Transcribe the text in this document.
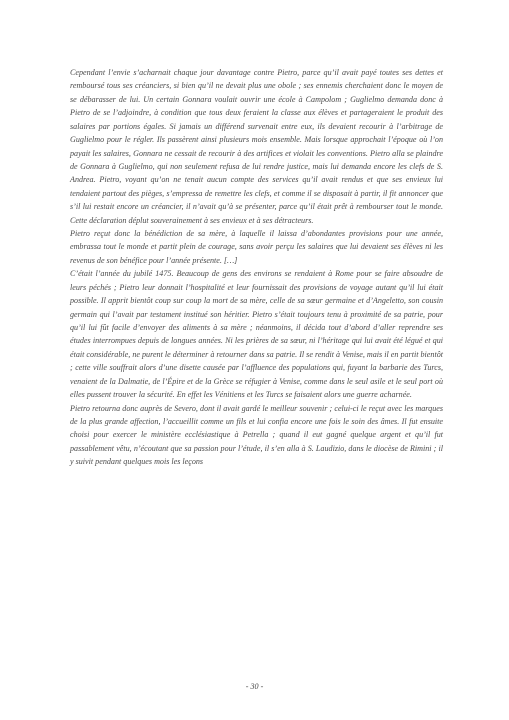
Cependant l’envie s’acharnait chaque jour davantage contre Pietro, parce qu’il avait payé toutes ses dettes et remboursé tous ses créanciers, si bien qu’il ne devait plus une obole ; ses ennemis cherchaient donc le moyen de se débarasser de lui. Un certain Gonnara voulait ouvrir une école à Campolom ; Guglielmo demanda donc à Pietro de se l’adjoindre, à condition que tous deux feraient la classe aux élèves et partageraient le produit des salaires par portions égales. Si jamais un différend survenait entre eux, ils devaient recourir à l’arbitrage de Guglielmo pour le régler. Ils passèrent ainsi plusieurs mois ensemble. Mais lorsque approchait l’époque où l’on payait les salaires, Gonnara ne cessait de recourir à des artifices et violait les conventions. Pietro alla se plaindre de Gonnara à Guglielmo, qui non seulement refusa de lui rendre justice, mais lui demanda encore les clefs de S. Andrea. Pietro, voyant qu’on ne tenait aucun compte des services qu’il avait rendus et que ses envieux lui tendaient partout des pièges, s’empressa de remettre les clefs, et comme il se disposait à partir, il fit annoncer que s’il lui restait encore un créancier, il n’avait qu’à se présenter, parce qu’il était prêt à rembourser tout le monde. Cette déclaration déplut souverainement à ses envieux et à ses détracteurs.

Pietro reçut donc la bénédiction de sa mère, à laquelle il laissa d’abondantes provisions pour une année, embrassa tout le monde et partit plein de courage, sans avoir perçu les salaires que lui devaient ses élèves ni les revenus de son bénéfice pour l’année présente. […]

C’était l’année du jubilé 1475. Beaucoup de gens des environs se rendaient à Rome pour se faire absoudre de leurs péchés ; Pietro leur donnait l’hospitalité et leur fournissait des provisions de voyage autant qu’il lui était possible. Il apprit bientôt coup sur coup la mort de sa mère, celle de sa sœur germaine et d’Angeletto, son cousin germain qui l’avait par testament institué son héritier. Pietro s’était toujours tenu à proximité de sa patrie, pour qu’il lui fût facile d’envoyer des aliments à sa mère ; néanmoins, il décida tout d’abord d’aller reprendre ses études interrompues depuis de longues années. Ni les prières de sa sœur, ni l’héritage qui lui avait été légué et qui était considérable, ne purent le déterminer à retourner dans sa patrie. Il se rendit à Venise, mais il en partit bientôt ; cette ville souffrait alors d’une disette causée par l’affluence des populations qui, fuyant la barbarie des Turcs, venaient de la Dalmatie, de l’Épire et de la Grèce se réfugier à Venise, comme dans le seul asile et le seul port où elles pussent trouver la sécurité. En effet les Vénitiens et les Turcs se faisaient alors une guerre acharnée.

Pietro retourna donc auprès de Severo, dont il avait gardé le meilleur souvenir ; celui-ci le reçut avec les marques de la plus grande affection, l’accueillit comme un fils et lui confia encore une fois le soin des âmes. Il fut ensuite choisi pour exercer le ministère ecclésiastique à Petrella ; quand il eut gagné quelque argent et qu’il fut passablement vêtu, n’écoutant que sa passion pour l’étude, il s’en alla à S. Laudizio, dans le diocèse de Rimini ; il y suivit pendant quelques mois les leçons

- 30 -
